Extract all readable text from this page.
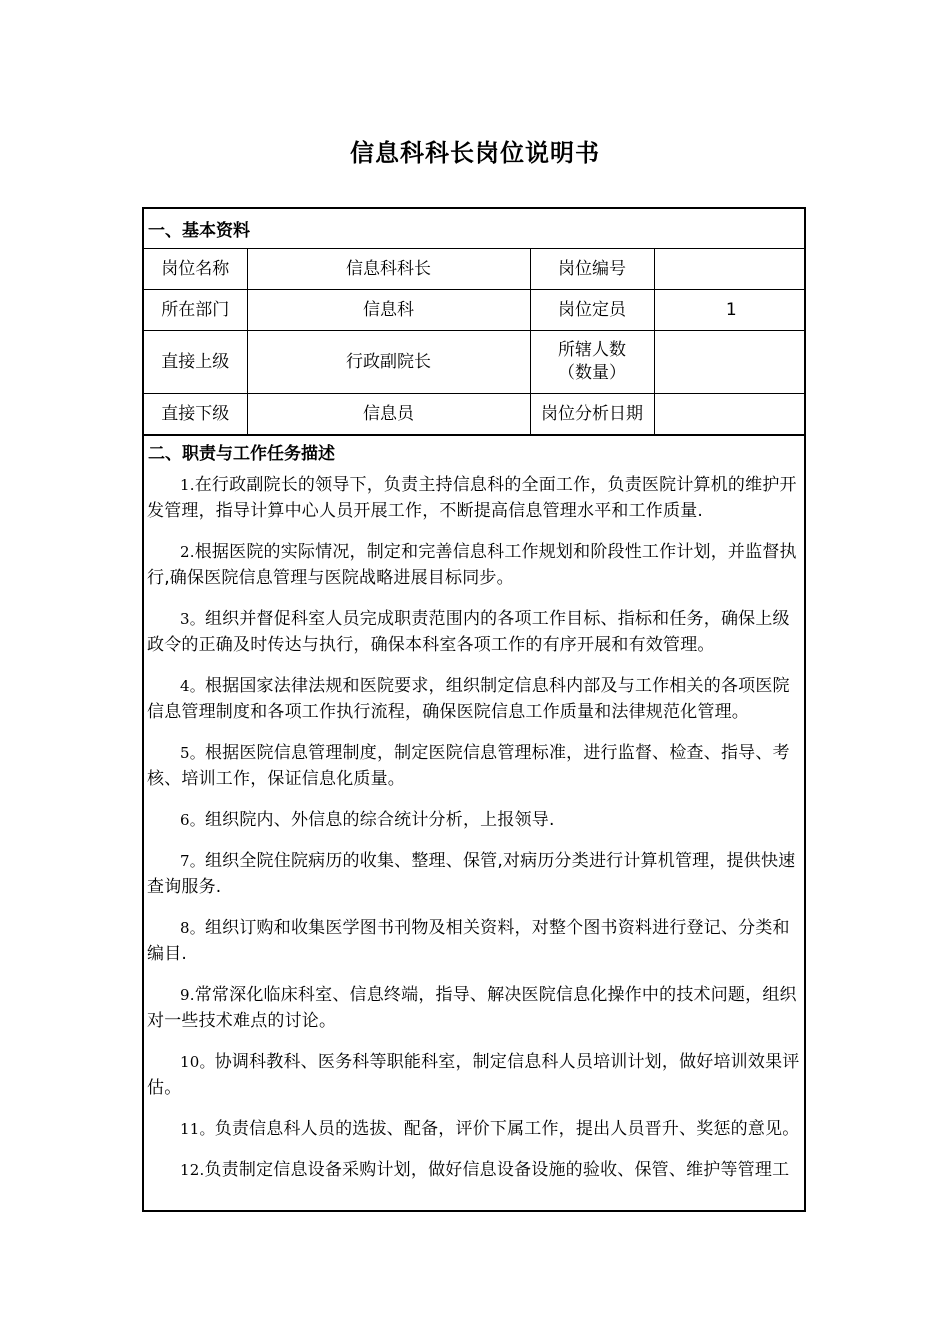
信息科科长岗位说明书
一、基本资料
岗位名称	信息科科长	岗位编号	
所在部门	信息科	岗位定员	1
直接上级	行政副院长	所辖人数（数量）	
直接下级	信息员	岗位分析日期	
二、职责与工作任务描述

1.在行政副院长的领导下，负责主持信息科的全面工作，负责医院计算机的维护开发管理，指导计算中心人员开展工作，不断提高信息管理水平和工作质量.

2.根据医院的实际情况，制定和完善信息科工作规划和阶段性工作计划，并监督执行,确保医院信息管理与医院战略进展目标同步。

3。组织并督促科室人员完成职责范围内的各项工作目标、指标和任务，确保上级政令的正确及时传达与执行，确保本科室各项工作的有序开展和有效管理。

4。根据国家法律法规和医院要求，组织制定信息科内部及与工作相关的各项医院信息管理制度和各项工作执行流程，确保医院信息工作质量和法律规范化管理。

5。根据医院信息管理制度，制定医院信息管理标准，进行监督、检查、指导、考核、培训工作，保证信息化质量。

6。组织院内、外信息的综合统计分析，上报领导.

7。组织全院住院病历的收集、整理、保管,对病历分类进行计算机管理，提供快速查询服务.

8。组织订购和收集医学图书刊物及相关资料，对整个图书资料进行登记、分类和编目.

9.常常深化临床科室、信息终端，指导、解决医院信息化操作中的技术问题，组织对一些技术难点的讨论。

10。协调科教科、医务科等职能科室，制定信息科人员培训计划，做好培训效果评估。

11。负责信息科人员的选拔、配备，评价下属工作，提出人员晋升、奖惩的意见。

12.负责制定信息设备采购计划，做好信息设备设施的验收、保管、维护等管理工
